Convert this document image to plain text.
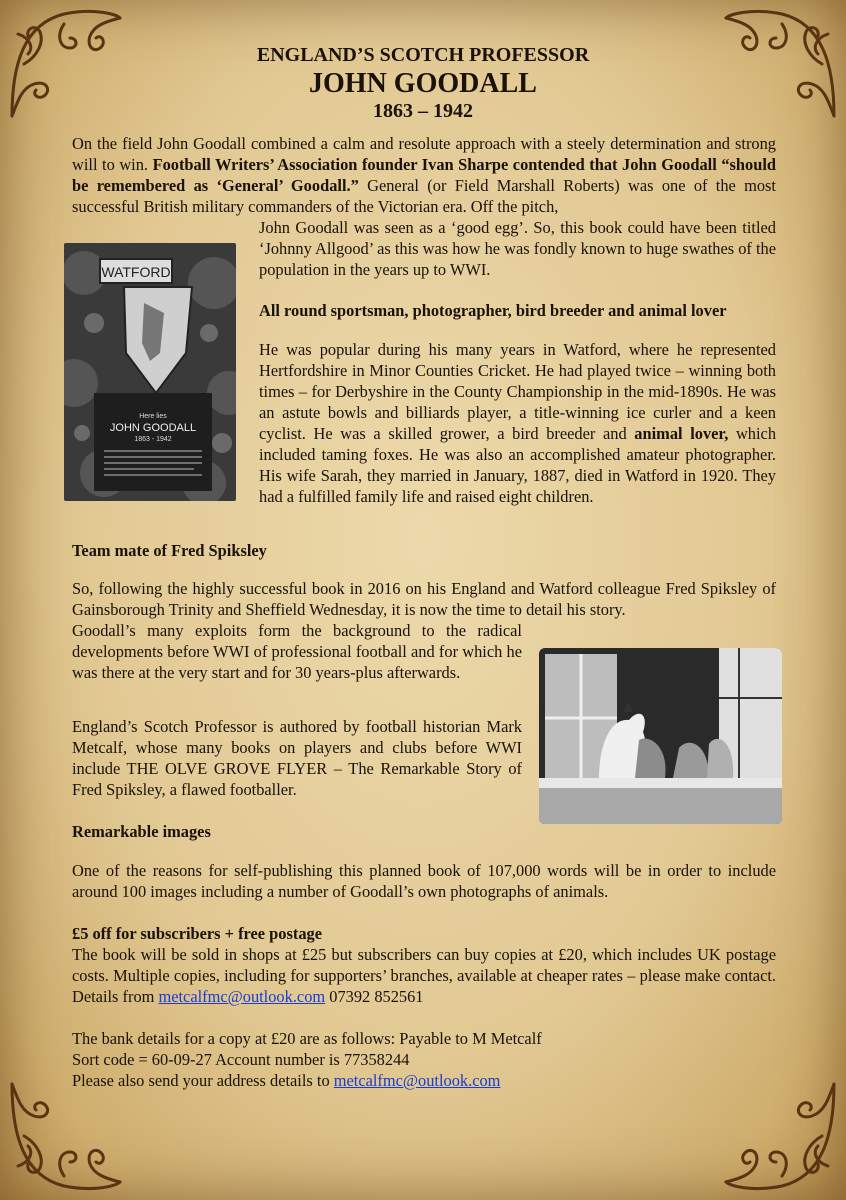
ENGLAND’S SCOTCH PROFESSOR
JOHN GOODALL
1863 – 1942
On the field John Goodall combined a calm and resolute approach with a steely determination and strong will to win. Football Writers’ Association founder Ivan Sharpe contended that John Goodall “should be remembered as ‘General’ Goodall.” General (or Field Marshall Roberts) was one of the most successful British military commanders of the Victorian era. Off the pitch,
WATFORD
Here lies
JOHN GOODALL
1863 - 1942
John Goodall was seen as a ‘good egg’. So, this book could have been titled ‘Johnny Allgood’ as this was how he was fondly known to huge swathes of the population in the years up to WWI.
All round sportsman, photographer, bird breeder and animal lover
He was popular during his many years in Watford, where he represented Hertfordshire in Minor Counties Cricket. He had played twice – winning both times – for Derbyshire in the County Championship in the mid-1890s. He was an astute bowls and billiards player, a title-winning ice curler and a keen cyclist. He was a skilled grower, a bird breeder and animal lover, which included taming foxes. He was also an accomplished amateur photographer. His wife Sarah, they married in January, 1887, died in Watford in 1920. They had a fulfilled family life and raised eight children.
Team mate of Fred Spiksley
So, following the highly successful book in 2016 on his England and Watford colleague Fred Spiksley of Gainsborough Trinity and Sheffield Wednesday, it is now the time to detail his story.
Goodall’s many exploits form the background to the radical developments before WWI of professional football and for which he was there at the very start and for 30 years-plus afterwards.
England’s Scotch Professor is authored by football historian Mark Metcalf, whose many books on players and clubs before WWI include THE OLVE GROVE FLYER – The Remarkable Story of Fred Spiksley, a flawed footballer.
Remarkable images
One of the reasons for self-publishing this planned book of 107,000 words will be in order to include around 100 images including a number of Goodall’s own photographs of animals.
£5 off for subscribers + free postage
The book will be sold in shops at £25 but subscribers can buy copies at £20, which includes UK postage costs. Multiple copies, including for supporters’ branches, available at cheaper rates – please make contact. Details from metcalfmc@outlook.com 07392 852561
The bank details for a copy at £20 are as follows: Payable to M Metcalf
Sort code = 60-09-27 Account number is 77358244
Please also send your address details to metcalfmc@outlook.com
